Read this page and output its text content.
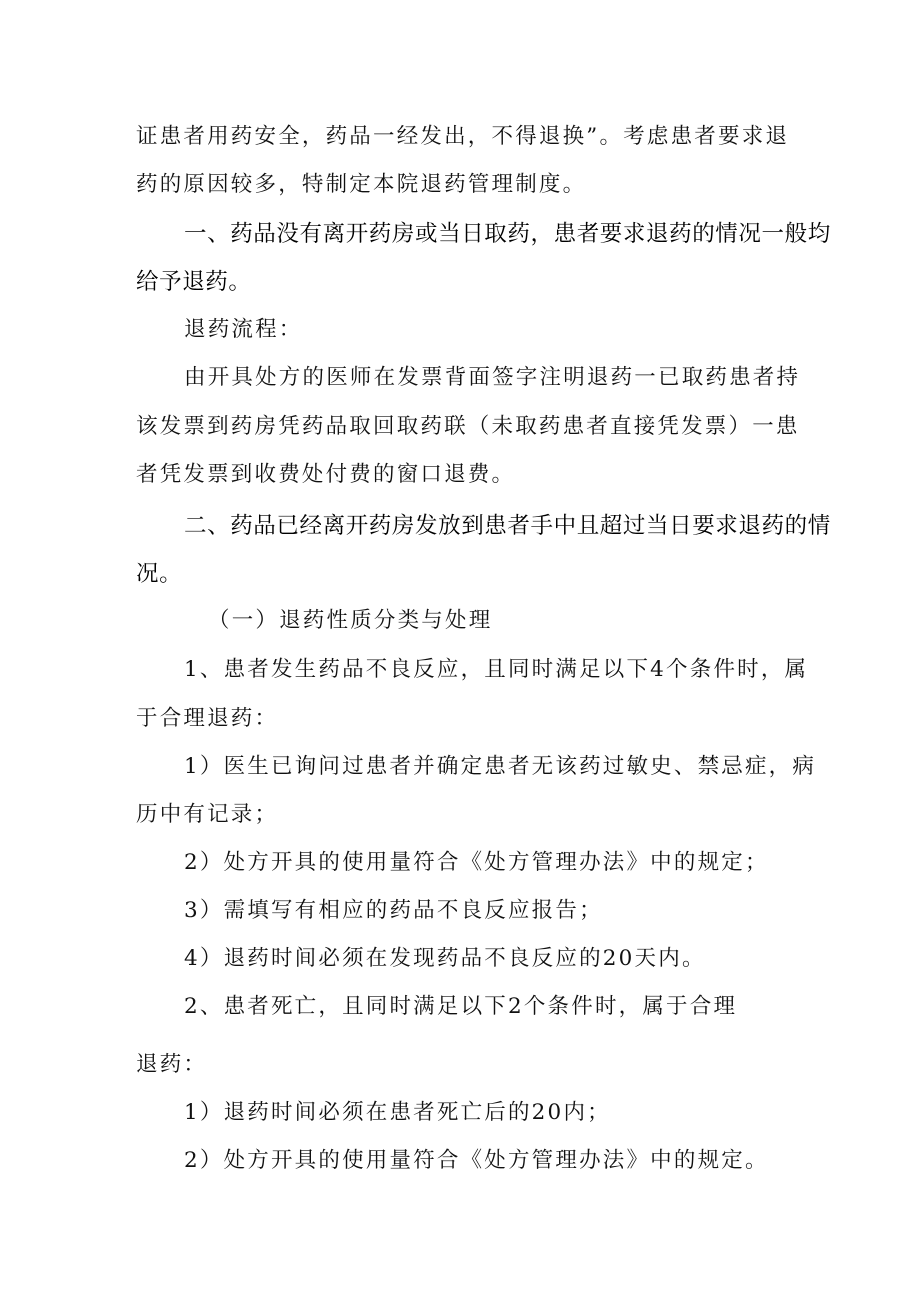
证患者用药安全，药品一经发出，不得退换”。考虑患者要求退
药的原因较多，特制定本院退药管理制度。
一、药品没有离开药房或当日取药，患者要求退药的情况一般均
给予退药。
退药流程：
由开具处方的医师在发票背面签字注明退药一已取药患者持
该发票到药房凭药品取回取药联（未取药患者直接凭发票）一患
者凭发票到收费处付费的窗口退费。
二、药品已经离开药房发放到患者手中且超过当日要求退药的情
况。
（一）退药性质分类与处理
1、患者发生药品不良反应，且同时满足以下4个条件时，属
于合理退药：
1）医生已询问过患者并确定患者无该药过敏史、禁忌症，病
历中有记录；
2）处方开具的使用量符合《处方管理办法》中的规定；
3）需填写有相应的药品不良反应报告；
4）退药时间必须在发现药品不良反应的20天内。
2、患者死亡，且同时满足以下2个条件时，属于合理
退药：
1）退药时间必须在患者死亡后的20内；
2）处方开具的使用量符合《处方管理办法》中的规定。
